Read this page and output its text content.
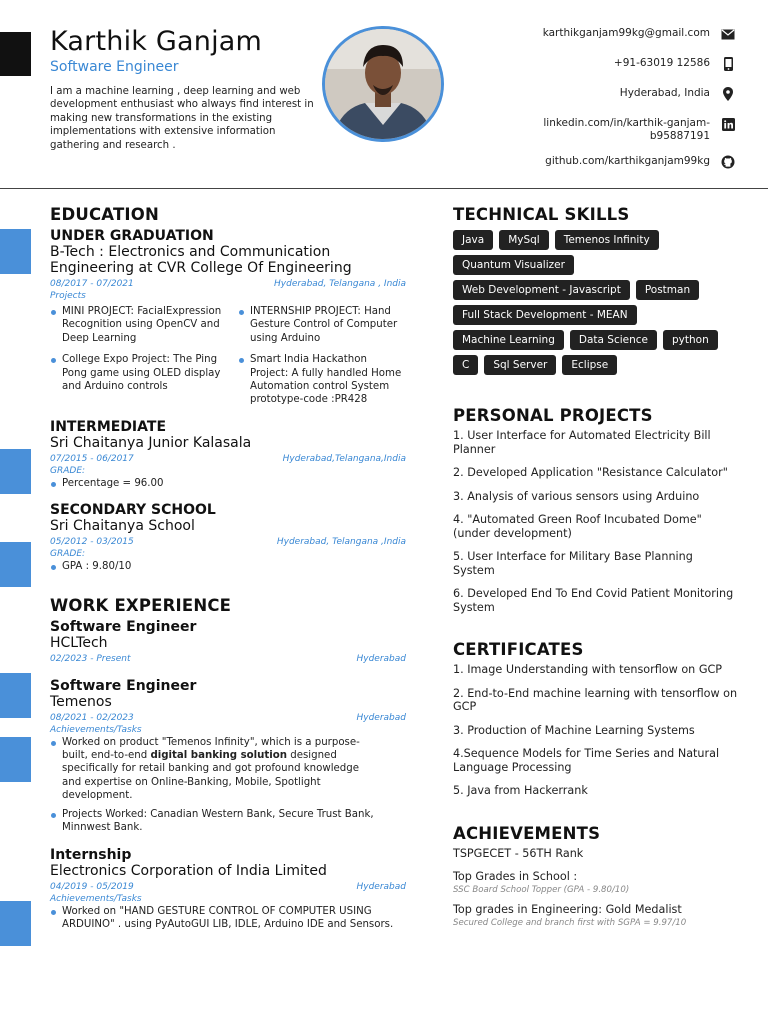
Karthik Ganjam
Software Engineer
I am a machine learning , deep learning and web development enthusiast who always find interest in making new transformations in the existing implementations with extensive information gathering and research .
karthikganjam99kg@gmail.com
+91-63019 12586
Hyderabad, India
linkedin.com/in/karthik-ganjam-b95887191
github.com/karthikganjam99kg
EDUCATION
UNDER GRADUATION
B-Tech : Electronics and Communication Engineering at CVR College Of Engineering
08/2017 - 07/2021	Hyderabad, Telangana , India
Projects
MINI PROJECT: FacialExpression Recognition using OpenCV and Deep Learning
INTERNSHIP PROJECT: Hand Gesture Control of Computer using Arduino
College Expo Project: The Ping Pong game using OLED display and Arduino controls
Smart India Hackathon Project: A fully handled Home Automation control System prototype-code :PR428
INTERMEDIATE
Sri Chaitanya Junior Kalasala
07/2015 - 06/2017	Hyderabad,Telangana,India
GRADE:
Percentage = 96.00
SECONDARY SCHOOL
Sri Chaitanya School
05/2012 - 03/2015	Hyderabad, Telangana ,India
GRADE:
GPA : 9.80/10
WORK EXPERIENCE
Software Engineer
HCLTech
02/2023 - Present	Hyderabad
Software Engineer
Temenos
08/2021 - 02/2023	Hyderabad
Achievements/Tasks
Worked on product "Temenos Infinity", which is a purpose-built, end-to-end digital banking solution designed specifically for retail banking and got profound knowledge and expertise on Online-Banking, Mobile, Spotlight development.
Projects Worked: Canadian Western Bank, Secure Trust Bank, Minnwest Bank.
Internship
Electronics Corporation of India Limited
04/2019 - 05/2019	Hyderabad
Achievements/Tasks
Worked on "HAND GESTURE CONTROL OF COMPUTER USING ARDUINO" . using PyAutoGUI LIB, IDLE, Arduino IDE and Sensors.
TECHNICAL SKILLS
Java	MySql	Temenos Infinity
Quantum Visualizer
Web Development - Javascript	Postman
Full Stack Development - MEAN
Machine Learning	Data Science	python
C	Sql Server	Eclipse
PERSONAL PROJECTS
1. User Interface for Automated Electricity Bill Planner
2. Developed Application "Resistance Calculator"
3. Analysis of various sensors using Arduino
4. "Automated Green Roof Incubated Dome" (under development)
5. User Interface for Military Base Planning System
6. Developed End To End Covid Patient Monitoring System
CERTIFICATES
1. Image Understanding with tensorflow on GCP
2. End-to-End machine learning with tensorflow on GCP
3. Production of Machine Learning Systems
4.Sequence Models for Time Series and Natural Language Processing
5. Java from Hackerrank
ACHIEVEMENTS
TSPGECET - 56TH Rank
Top Grades in School :
SSC Board School Topper (GPA - 9.80/10)
Top grades in Engineering: Gold Medalist
Secured College and branch first with SGPA = 9.97/10
